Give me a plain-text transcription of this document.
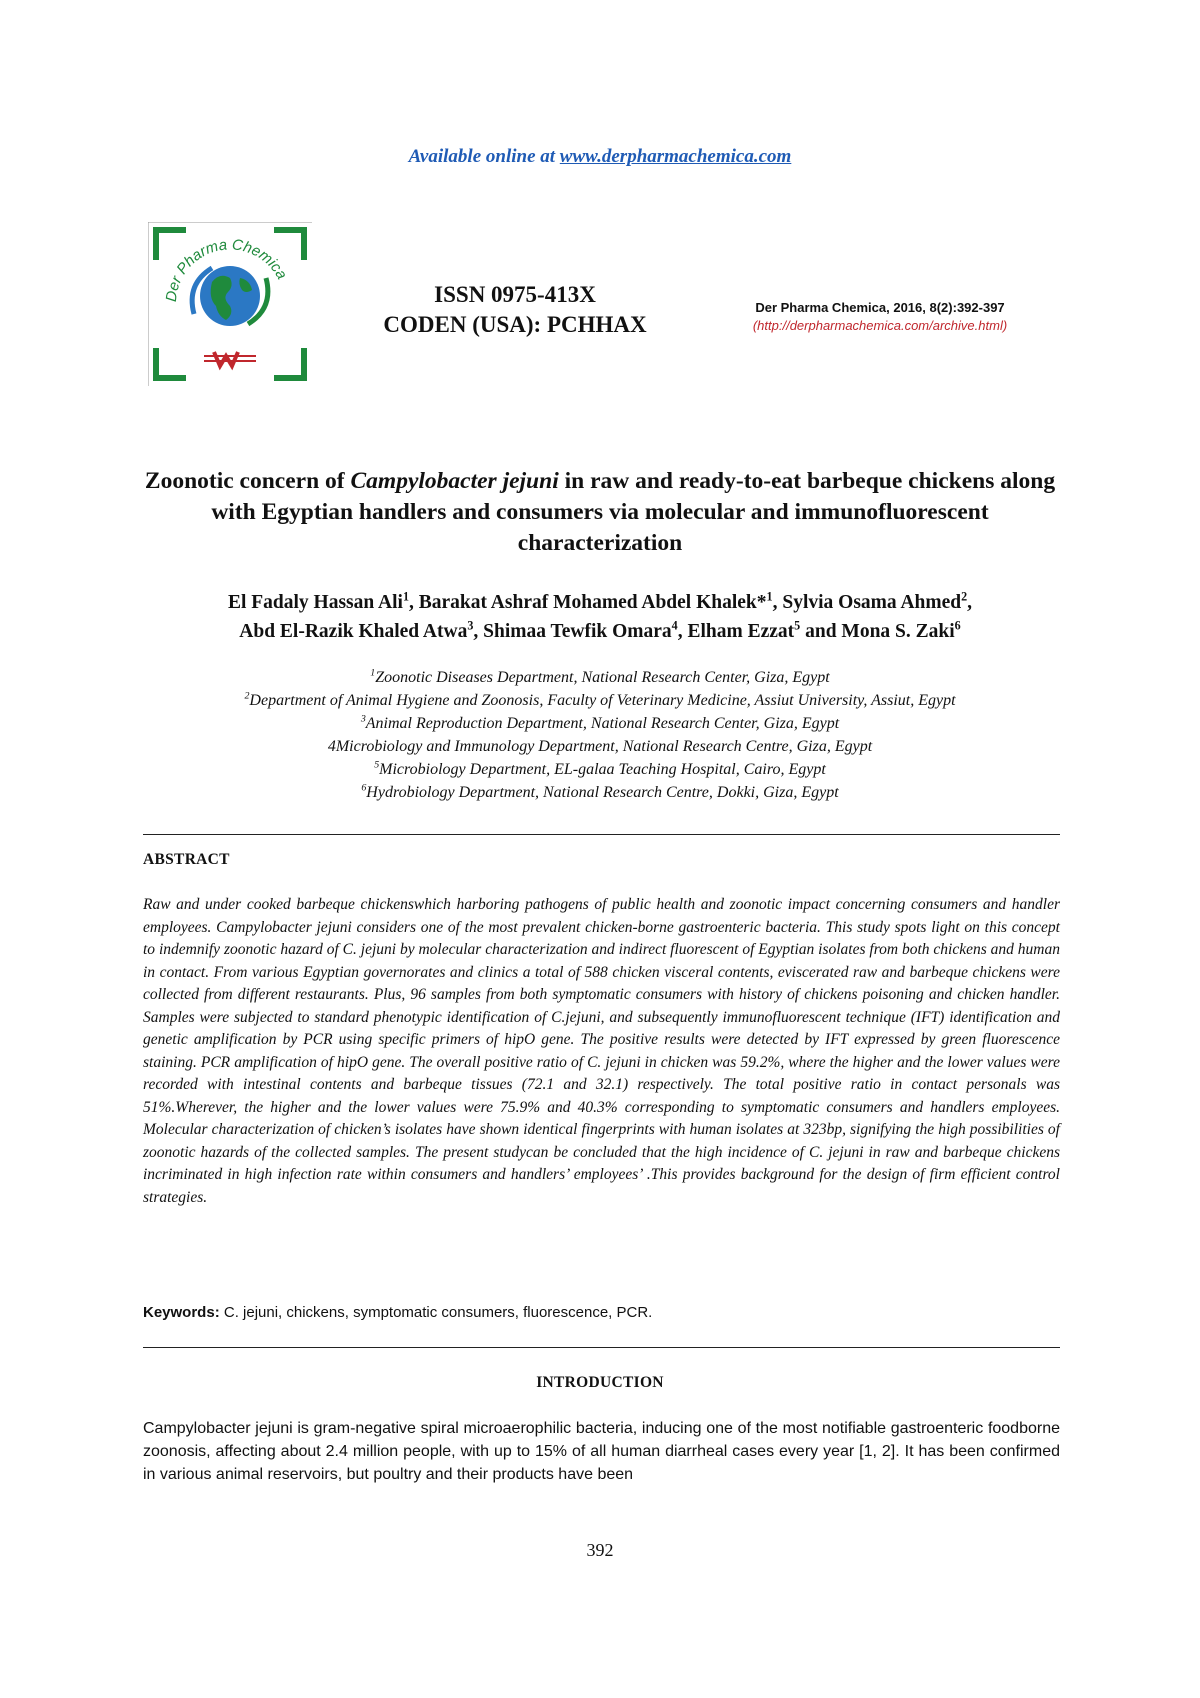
Available online at www.derpharmachemica.com
Der Pharma Chemica
ISSN 0975-413X
CODEN (USA): PCHHAX
Der Pharma Chemica, 2016, 8(2):392-397
(http://derpharmachemica.com/archive.html)
Zoonotic concern of Campylobacter jejuni in raw and ready-to-eat barbeque chickens along with Egyptian handlers and consumers via molecular and immunofluorescent characterization
El Fadaly Hassan Ali$^1$, Barakat Ashraf Mohamed Abdel Khalek*$^1$, Sylvia Osama Ahmed$^2$,
Abd El-Razik Khaled Atwa$^3$, Shimaa Tewfik Omara$^4$, Elham Ezzat$^5$ and Mona S. Zaki$^6$
$^1$Zoonotic Diseases Department, National Research Center, Giza, Egypt
$^2$Department of Animal Hygiene and Zoonosis, Faculty of Veterinary Medicine, Assiut University, Assiut, Egypt
$^3$Animal Reproduction Department, National Research Center, Giza, Egypt
4Microbiology and Immunology Department, National Research Centre, Giza, Egypt
$^5$Microbiology Department, EL-galaa Teaching Hospital, Cairo, Egypt
$^6$Hydrobiology Department, National Research Centre, Dokki, Giza, Egypt
ABSTRACT
Raw and under cooked barbeque chickenswhich harboring pathogens of public health and zoonotic impact concerning consumers and handler employees. Campylobacter jejuni considers one of the most prevalent chicken-borne gastroenteric bacteria. This study spots light on this concept to indemnify zoonotic hazard of C. jejuni by molecular characterization and indirect fluorescent of Egyptian isolates from both chickens and human in contact. From various Egyptian governorates and clinics a total of 588 chicken visceral contents, eviscerated raw and barbeque chickens were collected from different restaurants. Plus, 96 samples from both symptomatic consumers with history of chickens poisoning and chicken handler. Samples were subjected to standard phenotypic identification of C.jejuni, and subsequently immunofluorescent technique (IFT) identification and genetic amplification by PCR using specific primers of hipO gene. The positive results were detected by IFT expressed by green fluorescence staining. PCR amplification of hipO gene. The overall positive ratio of C. jejuni in chicken was 59.2%, where the higher and the lower values were recorded with intestinal contents and barbeque tissues (72.1 and 32.1) respectively. The total positive ratio in contact personals was 51%.Wherever, the higher and the lower values were 75.9% and 40.3% corresponding to symptomatic consumers and handlers employees. Molecular characterization of chicken’s isolates have shown identical fingerprints with human isolates at 323bp, signifying the high possibilities of zoonotic hazards of the collected samples. The present studycan be concluded that the high incidence of C. jejuni in raw and barbeque chickens incriminated in high infection rate within consumers and handlers’ employees’ .This provides background for the design of firm efficient control strategies.
Keywords: C. jejuni, chickens, symptomatic consumers, fluorescence, PCR.
INTRODUCTION
Campylobacter jejuni is gram-negative spiral microaerophilic bacteria, inducing one of the most notifiable gastroenteric foodborne zoonosis, affecting about 2.4 million people, with up to 15% of all human diarrheal cases every year [1, 2]. It has been confirmed in various animal reservoirs, but poultry and their products have been
392
